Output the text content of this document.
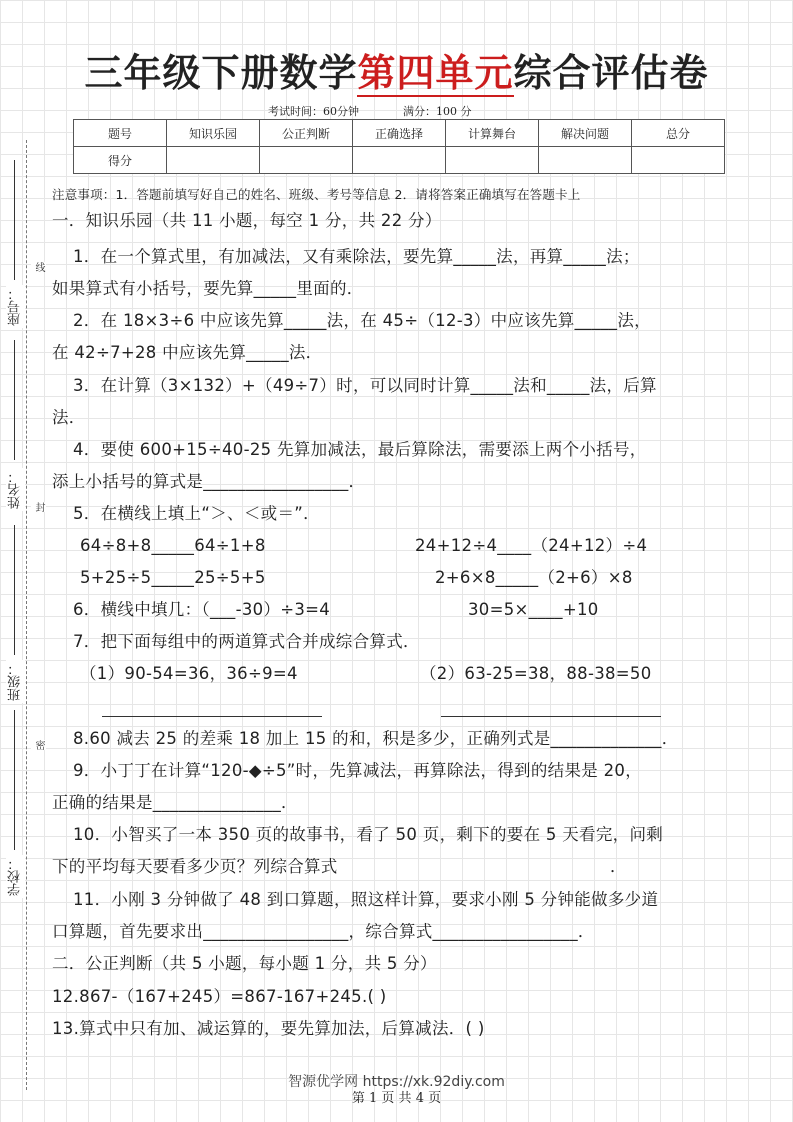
三年级下册数学第四单元综合评估卷
考试时间：60分钟	满分：100 分
题号	知识乐园	公正判断	正确选择	计算舞台	解决问题	总分
得分						
注意事项：1．答题前填写好自己的姓名、班级、考号等信息 2．请将答案正确填写在答题卡上
座号：
姓名：
班级：
学校：
线
封
密
一．知识乐园（共 11 小题，每空 1 分，共 22 分）
1．在一个算式里，有加减法，又有乘除法，要先算_____法，再算_____法；
如果算式有小括号，要先算_____里面的．
2．在 18×3÷6 中应该先算_____法，在 45÷（12-3）中应该先算_____法，
在 42÷7+28 中应该先算_____法．
3．在计算（3×132）+（49÷7）时，可以同时计算_____法和_____法，后算
法．
4．要使 600+15÷40-25 先算加减法，最后算除法，需要添上两个小括号，
添上小括号的算式是_________________．
5．在横线上填上“＞、＜或＝”．
64÷8+8_____64÷1+8	24+12÷4____（24+12）÷4
5+25÷5_____25÷5+5	2+6×8_____（2+6）×8
6．横线中填几：（___-30）÷3=4	30=5×____+10
7．把下面每组中的两道算式合并成综合算式．
（1）90-54=36，36÷9=4	（2）63-25=38，88-38=50
8.60 减去 25 的差乘 18 加上 15 的和，积是多少，正确列式是_____________．
9．小丁丁在计算“120-◆÷5”时，先算减法，再算除法，得到的结果是 20，
正确的结果是_______________．
10．小智买了一本 350 页的故事书，看了 50 页，剩下的要在 5 天看完，问剩
下的平均每天要看多少页？列综合算式	．
11．小刚 3 分钟做了 48 到口算题，照这样计算，要求小刚 5 分钟能做多少道
口算题，首先要求出_________________，综合算式_________________．
二．公正判断（共 5 小题，每小题 1 分，共 5 分）
12.867-（167+245）=867-167+245.( )
13.算式中只有加、减运算的，要先算加法，后算减法．( )
智源优学网 https://xk.92diy.com
第 1 页 共 4 页
